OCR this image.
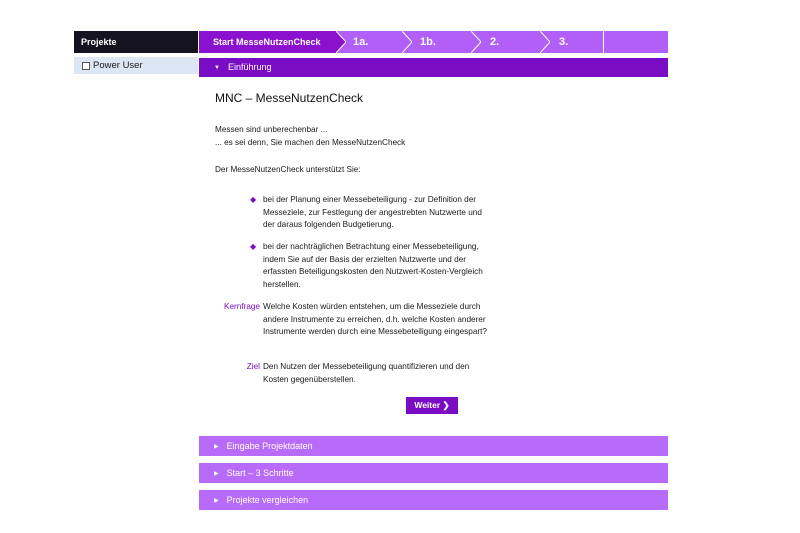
Projekte
Power User
Start MesseNutzenCheck	1a.	1b.	2.	3.
▼ Einführung
MNC – MesseNutzenCheck
Messen sind unberechenbar ...
... es sei denn, Sie machen den MesseNutzenCheck
Der MesseNutzenCheck unterstützt Sie:
◆ bei der Planung einer Messebeteiligung - zur Definition der Messeziele, zur Festlegung der angestrebten Nutzwerte und der daraus folgenden Budgetierung.
◆ bei der nachträglichen Betrachtung einer Messebeteiligung, indem Sie auf der Basis der erzielten Nutzwerte und der erfassten Beteiligungskosten den Nutzwert-Kosten-Vergleich herstellen.
Kernfrage Welche Kosten würden entstehen, um die Messeziele durch andere Instrumente zu erreichen, d.h. welche Kosten anderer Instrumente werden durch eine Messebeteiligung eingespart?
Ziel Den Nutzen der Messebeteiligung quantifizieren und den Kosten gegenüberstellen.
Weiter ❯
▶ Eingabe Projektdaten
▶ Start – 3 Schritte
▶ Projekte vergleichen
